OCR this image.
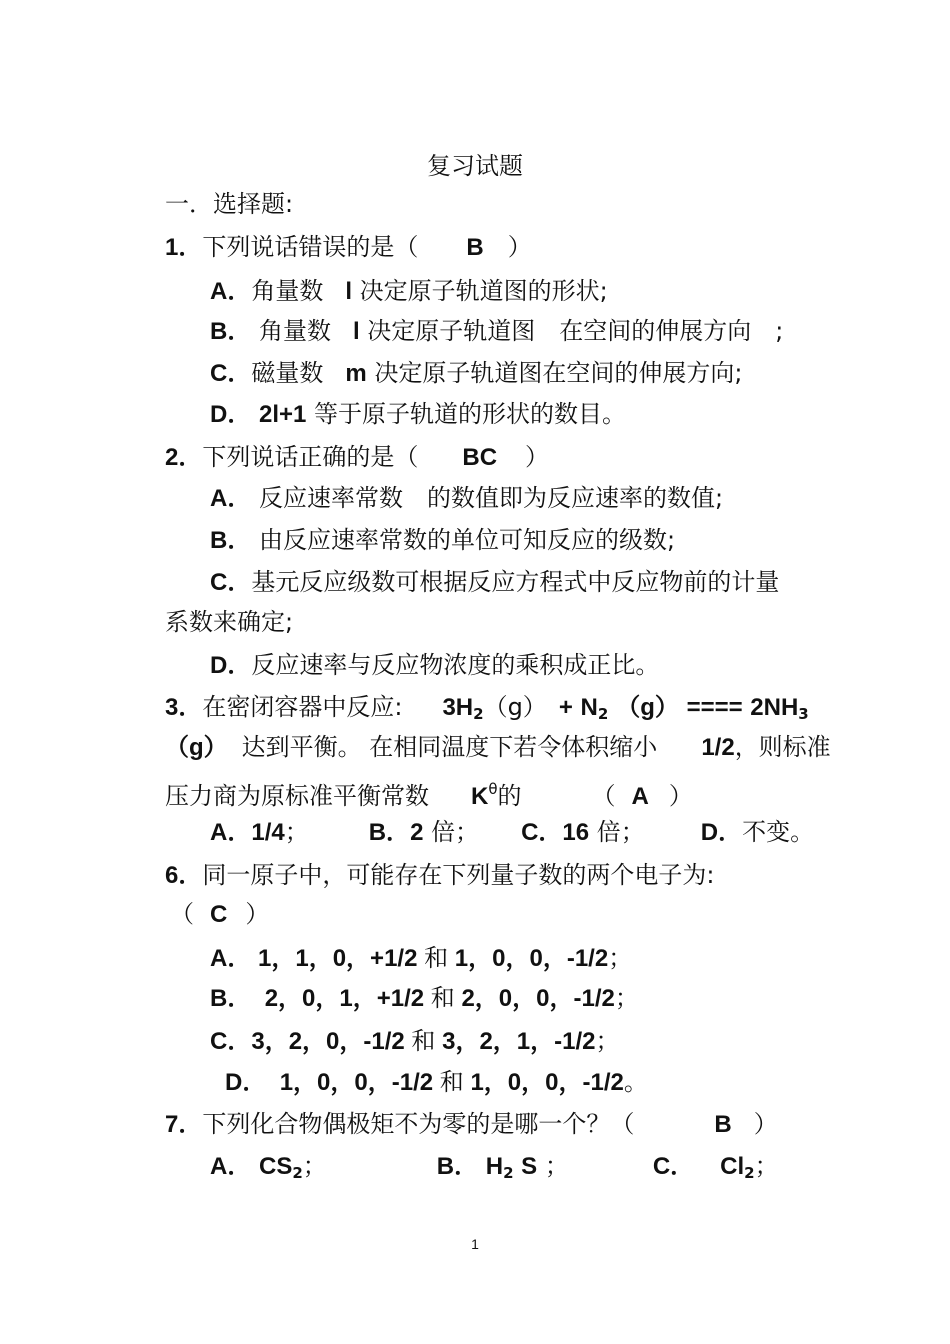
复习试题
一．选择题:
1．下列说话错误的是（ B ）
A．角量数 l 决定原子轨道图的形状;
B． 角量数 l 决定原子轨道图　在空间的伸展方向　;
C．磁量数 m 决定原子轨道图在空间的伸展方向;
D． 2l+1 等于原子轨道的形状的数目。
2．下列说话正确的是（ BC ）
A． 反应速率常数　的数值即为反应速率的数值;
B． 由反应速率常数的单位可知反应的级数;
C．基元反应级数可根据反应方程式中反应物前的计量
系数来确定;
D．反应速率与反应物浓度的乘积成正比。
3．在密闭容器中反应: $3H_2(g) + N_2$ （g） ==== $2NH_3$
（g） 达到平衡。 在相同温度下若令体积缩小 1/2，则标准
压力商为原标准平衡常数 $K^\theta$的	（ A ）
A．1/4；	B．2 倍； C．16 倍； D．不变。
6．同一原子中，可能存在下列量子数的两个电子为:
（ C ）
A． 1，1，0，+1/2 和 1，0，0，-1/2；
B． 2，0，1，+1/2 和 2，0，0，-1/2；
C．3，2，0，-1/2 和 3，2，1，-1/2；
D． 1，0，0，-1/2 和 1，0，0，-1/2。
7．下列化合物偶极矩不为零的是哪一个？（	B ）
A． $CS_2$；	B． $H_2$ S ；	C． $Cl_2$；
1
